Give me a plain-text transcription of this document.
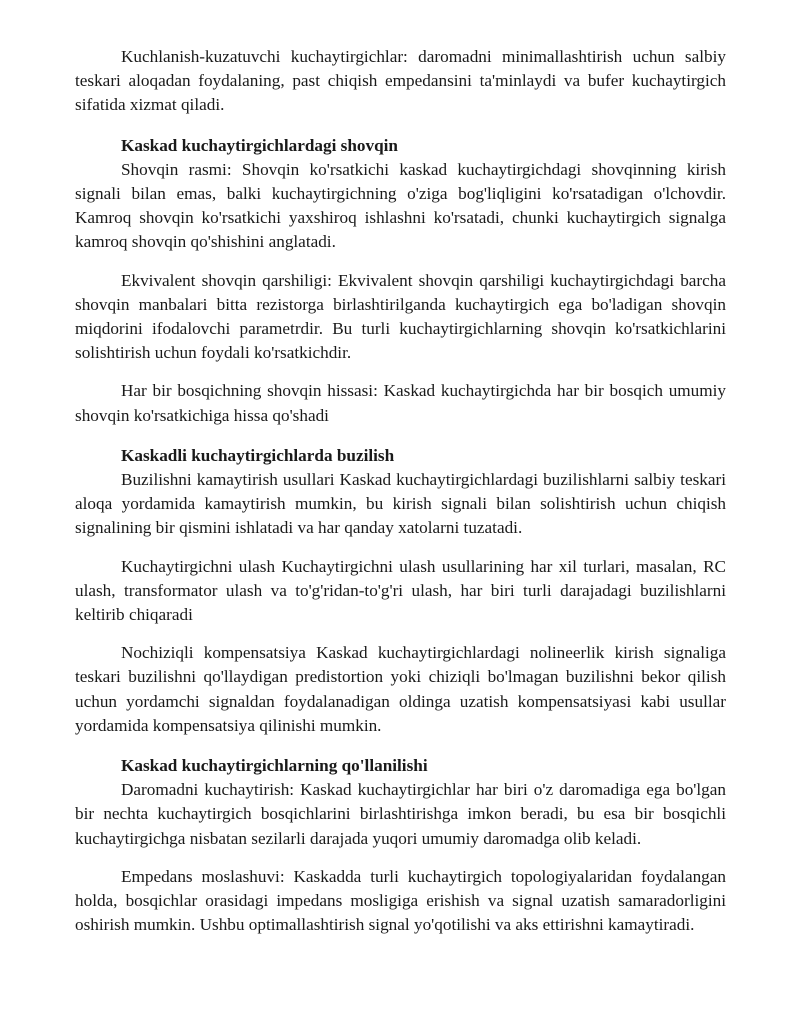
Kuchlanish-kuzatuvchi kuchaytirgichlar: daromadni minimallashtirish uchun salbiy teskari aloqadan foydalaning, past chiqish empedansini ta'minlaydi va bufer kuchaytirgich sifatida xizmat qiladi.

Kaskad kuchaytirgichlardagi shovqin

Shovqin rasmi: Shovqin ko'rsatkichi kaskad kuchaytirgichdagi shovqinning kirish signali bilan emas, balki kuchaytirgichning o'ziga bog'liqligini ko'rsatadigan o'lchovdir. Kamroq shovqin ko'rsatkichi yaxshiroq ishlashni ko'rsatadi, chunki kuchaytirgich signalga kamroq shovqin qo'shishini anglatadi.

Ekvivalent shovqin qarshiligi: Ekvivalent shovqin qarshiligi kuchaytirgichdagi barcha shovqin manbalari bitta rezistorga birlashtirilganda kuchaytirgich ega bo'ladigan shovqin miqdorini ifodalovchi parametrdir. Bu turli kuchaytirgichlarning shovqin ko'rsatkichlarini solishtirish uchun foydali ko'rsatkichdir.

Har bir bosqichning shovqin hissasi: Kaskad kuchaytirgichda har bir bosqich umumiy shovqin ko'rsatkichiga hissa qo'shadi

Kaskadli kuchaytirgichlarda buzilish

Buzilishni kamaytirish usullari Kaskad kuchaytirgichlardagi buzilishlarni salbiy teskari aloqa yordamida kamaytirish mumkin, bu kirish signali bilan solishtirish uchun chiqish signalining bir qismini ishlatadi va har qanday xatolarni tuzatadi.

Kuchaytirgichni ulash Kuchaytirgichni ulash usullarining har xil turlari, masalan, RC ulash, transformator ulash va to'g'ridan-to'g'ri ulash, har biri turli darajadagi buzilishlarni keltirib chiqaradi

Nochiziqli kompensatsiya Kaskad kuchaytirgichlardagi nolineerlik kirish signaliga teskari buzilishni qo'llaydigan predistortion yoki chiziqli bo'lmagan buzilishni bekor qilish uchun yordamchi signaldan foydalanadigan oldinga uzatish kompensatsiyasi kabi usullar yordamida kompensatsiya qilinishi mumkin.

Kaskad kuchaytirgichlarning qo'llanilishi

Daromadni kuchaytirish: Kaskad kuchaytirgichlar har biri o'z daromadiga ega bo'lgan bir nechta kuchaytirgich bosqichlarini birlashtirishga imkon beradi, bu esa bir bosqichli kuchaytirgichga nisbatan sezilarli darajada yuqori umumiy daromadga olib keladi.

Empedans moslashuvi: Kaskadda turli kuchaytirgich topologiyalaridan foydalangan holda, bosqichlar orasidagi impedans mosligiga erishish va signal uzatish samaradorligini oshirish mumkin. Ushbu optimallashtirish signal yo'qotilishi va aks ettirishni kamaytiradi.
